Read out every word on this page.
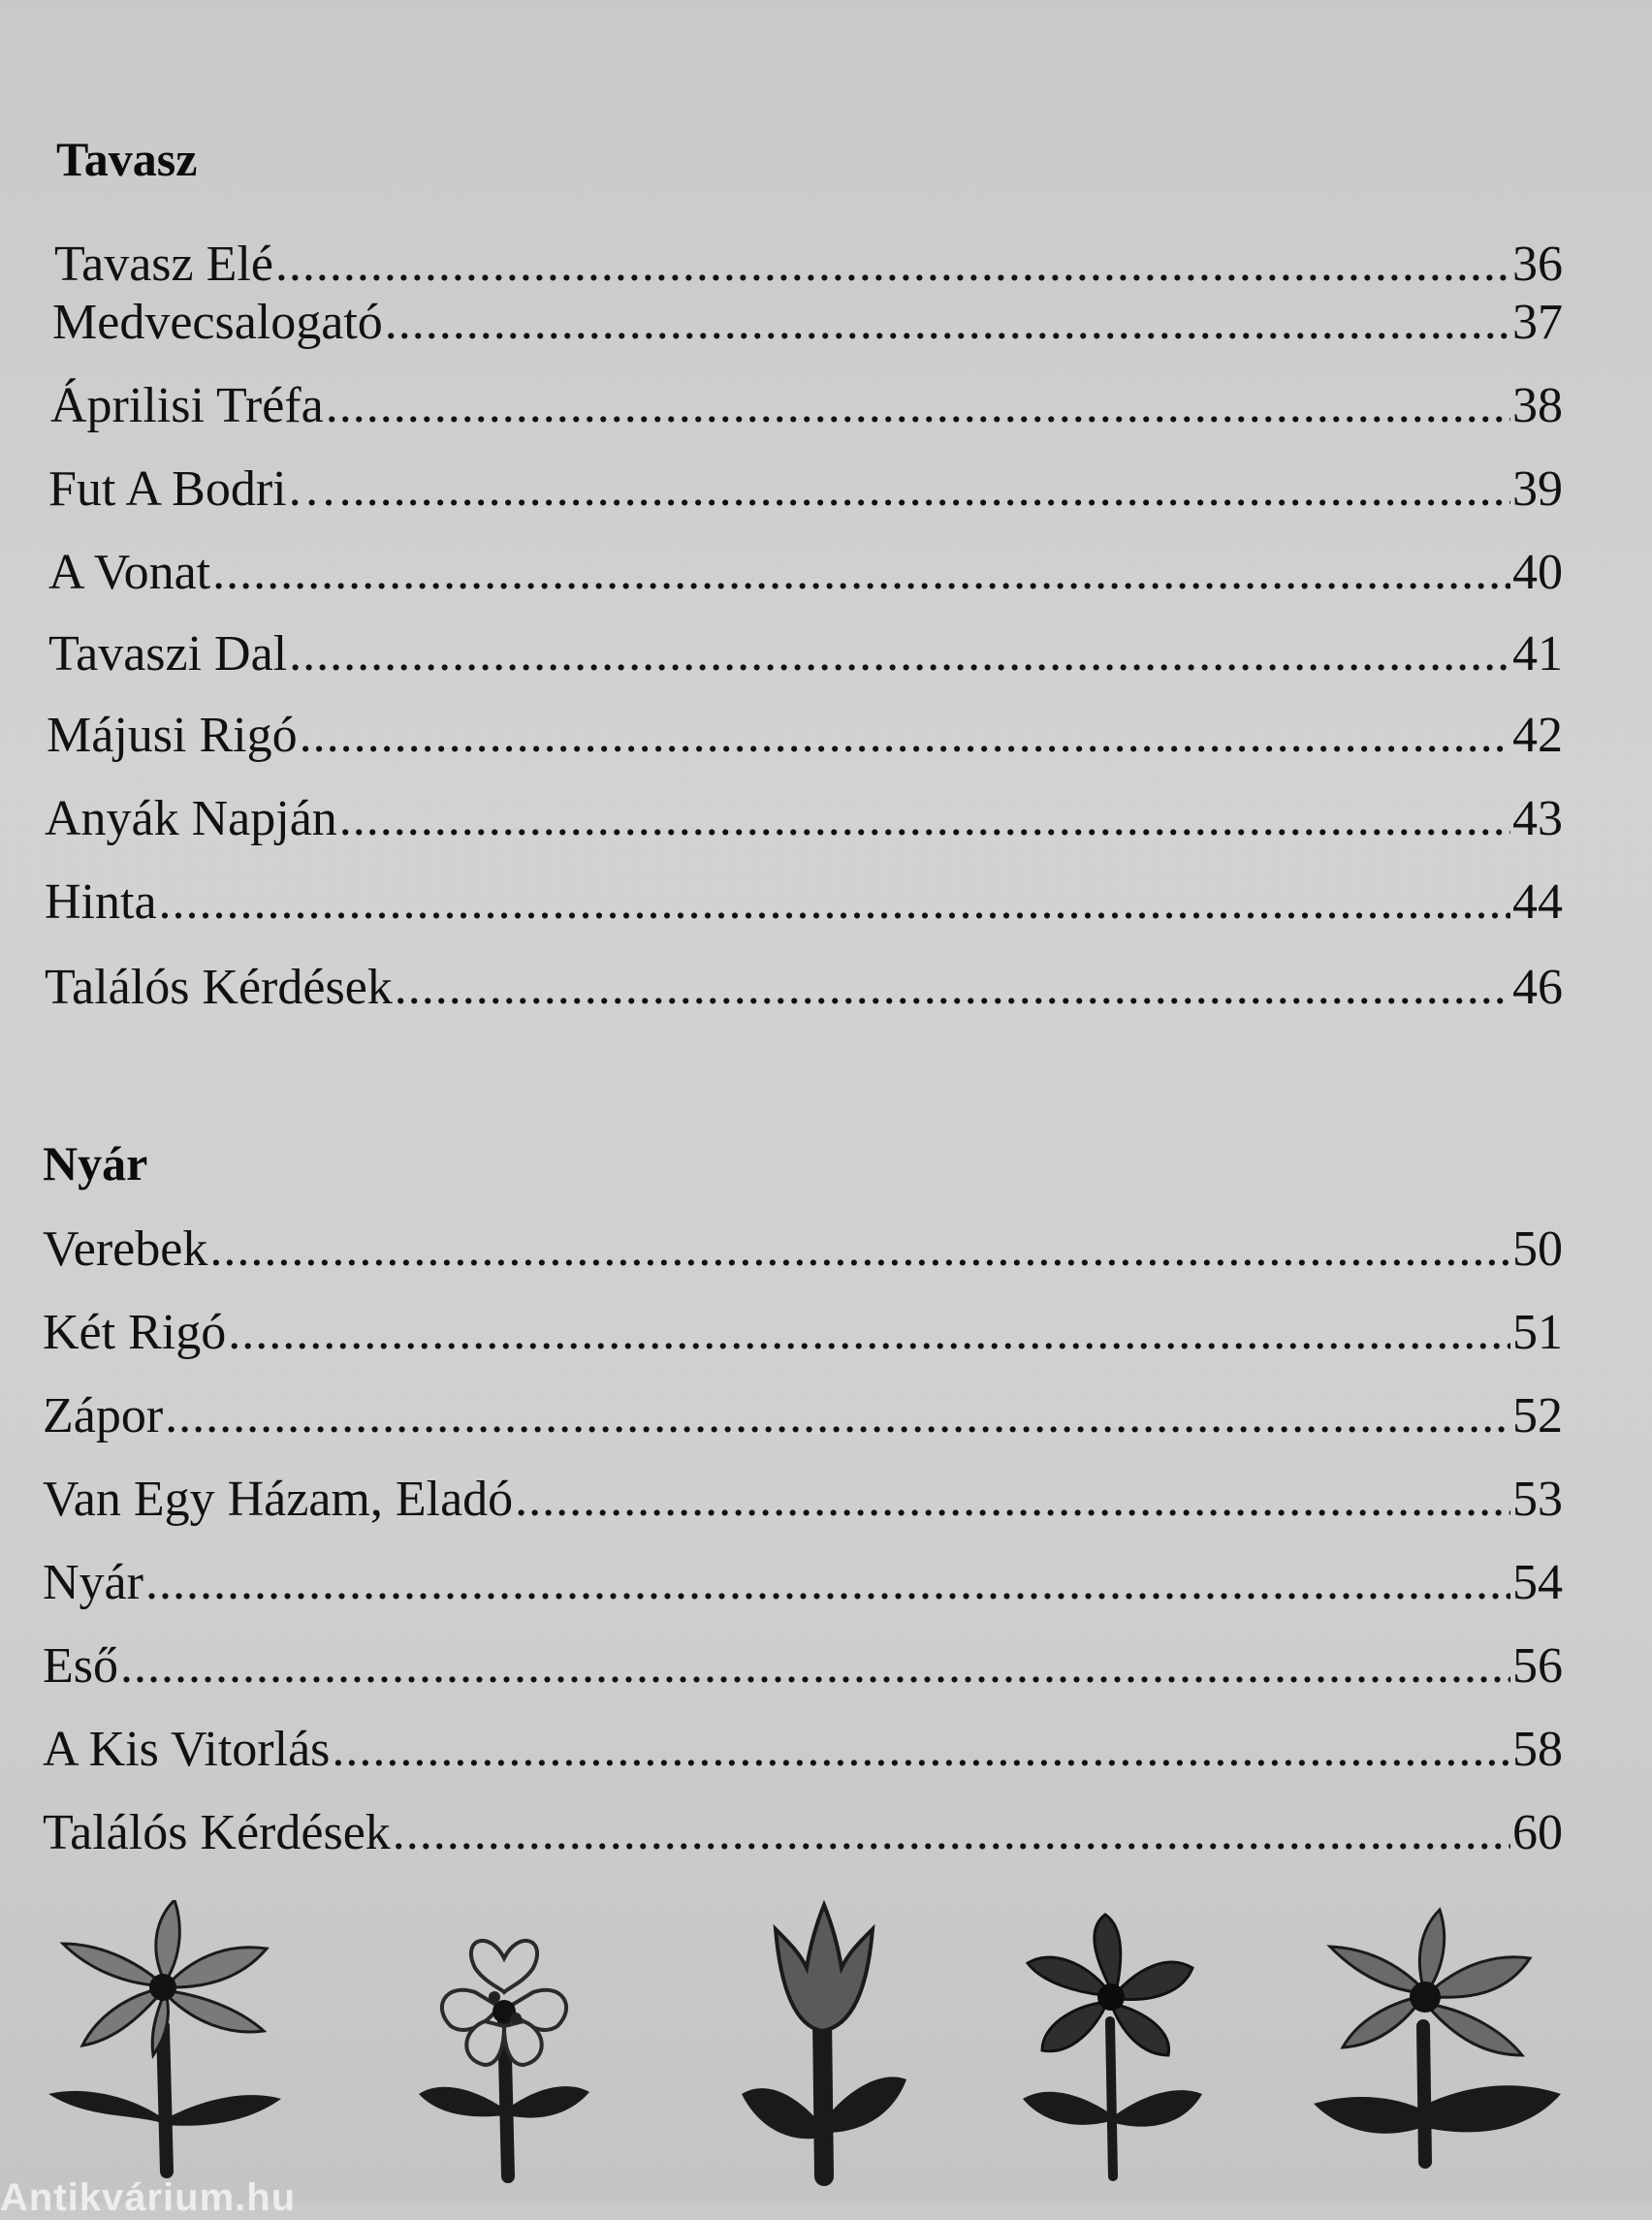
Tavasz
Tavasz Elé .....	36
Medvecsalogató .....	37
Áprilisi Tréfa .....	38
Fut A Bodri… .....	39
A Vonat .....	40
Tavaszi Dal .....	41
Májusi Rigó .....	42
Anyák Napján .....	43
Hinta .....	44
Találós Kérdések .....	46
Nyár
Verebek .....	50
Két Rigó .....	51
Zápor .....	52
Van Egy Házam, Eladó .....	53
Nyár .....	54
Eső .....	56
A Kis Vitorlás .....	58
Találós Kérdések .....	60
Antikvárium.hu
